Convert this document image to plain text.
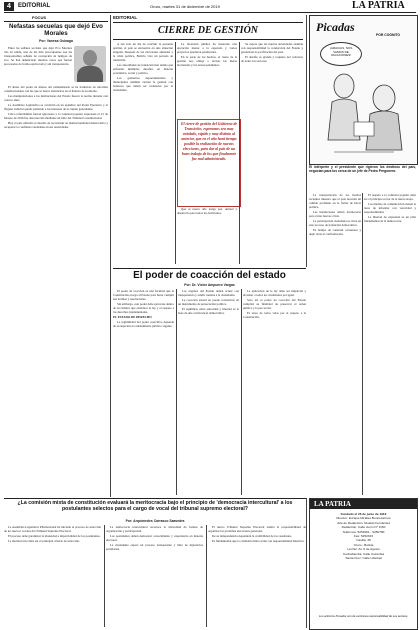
4	EDITORIAL	Oruro, martes 31 de diciembre de 2019	LA PATRIA
FOCUS
Nefastas secuelas que dejó Evo Morales
Por: Vanesa Osinaga

Entre las señales sociales que dejó Evo Morales tras su salida, una de las más preocupantes son las irresponsables señales de corrupción de tiempos de evo. Se han denunciado muchos casos que fueron procesados de forma equivocada y sin transparencia.

El abuso del poder en manos del exmandatario se ha traducido en reformas constitucionales con las que se buscó eternizarse en el Palacio de Gobierno.

Las manipulaciones a las instituciones del Estado fueron la norma durante casi catorce años.

La Asamblea Legislativa se convirtió en un apéndice del Poder Ejecutivo y el Órgano Judicial quedó sometido a los intereses de la cúpula gobernante.

Cinco referéndums fueron ignorados y la voluntad popular expresada el 21 de febrero de 2016 fue desconocida mediante un fallo del Tribunal Constitucional.

Hoy el país enfrenta el desafío de reconstruir su institucionalidad democrática y recuperar la confianza ciudadana en sus autoridades.

EDITORIAL
CIERRE DE GESTIÓN

A tan solo un día de concluir la presente gestión, el país se encuentra en una situación singular. Después de las elecciones anuladas y la crisis política, Bolivia vive un periodo de transición.

Las autoridades de transición han tenido que enfrentar múltiples desafíos en materia económica, social y política.

Los gobiernos departamentales y municipales también cierran la gestión con balances que deben ser evaluados por la ciudadanía.

La inversión pública ha mostrado una ejecución menor a la esperada y varios proyectos quedaron paralizados.

En la parte de los hechos, el cierre de la gestión nos obliga a revisar las metas alcanzadas y las tareas pendientes.

El cierre de gestión del Gobierno de Transición, esperamos sea muy rotulado, rápido y muy distinto al anterior, que en el año hará tiempo posible la realización de nuevas elecciones, para dar al país de un buen trabajo de los que finalmente fue mal administrado.

Que el nuevo año traiga paz, unidad y desarrollo para todos los bolivianos.

Se espera que las nuevas autoridades asuman con responsabilidad la conducción del Estado y garanticen la pacificación del país.

El desafío es grande y requiere del concurso de todos los sectores.

Picadas
POR COGNITO
¡GRACIAS, NOS VAMOS DE VACACIONES!
El intérprete y el presidente que rigieron los destinos del país, negocian para los cerca de un jefe de Pedro Pregonero.

La interpretación de los hechos recientes muestra que el país necesita un cambio profundo en la forma de hacer política.

Las instituciones deben fortalecerse para evitar nuevas crisis.

La participación ciudadana es clave en este proceso de transición democrática.

Es tiempo de construir consensos y dejar atrás la confrontación.

El respeto a la voluntad popular debe ser el principio rector de la nueva etapa.

Los medios de comunicación tienen la tarea de informar con veracidad y responsabilidad.

La libertad de expresión es un pilar fundamental de la democracia.

El poder de coacción del estado
Por: Dr. Víctor Ampuero Vargas

El poder de coacción es una facultad que la Constitución otorga al Estado para hacer cumplir sus normas y resoluciones.

Sin embargo, este poder debe ejercerse dentro de los límites que establece la ley y el respeto a los derechos fundamentales.

EL ESTADO DE DERECHO

La legitimidad del poder coercitivo depende de su sujeción al ordenamiento jurídico vigente.

Los órganos del Estado deben actuar con transparencia y rendir cuentas a la ciudadanía.

La coacción estatal no puede convertirse en un instrumento de persecución política.

El equilibrio entre autoridad y libertad es la base de una convivencia democrática.

La aplicación de la ley debe ser imparcial y alcanzar a todos los ciudadanos por igual.

Solo así el poder de coacción del Estado cumplirá su finalidad de preservar el orden público y la paz social.

Es tarea de todos velar por el respeto a la Constitución.

¿La comisión mixta de constitución evaluará la meritocracia bajo el principio de 'democracia intercultural' a los postulantes selectos para el cargo de vocal del tribunal supremo electoral?
Por: Arquímedes Carrasco Saavedra

La Asamblea Legislativa Plurinacional ha iniciado el proceso de selección de los nuevos vocales del Tribunal Supremo Electoral.

El proceso debe garantizar la idoneidad e imparcialidad de los postulantes.

La meritocracia debe ser el principal criterio de selección.

La democracia intercultural reconoce la diversidad de formas de organización y participación.

Los postulantes deben demostrar conocimiento y experiencia en materia electoral.

La ciudadanía espera un proceso transparente y libre de injerencias partidarias.

El nuevo Tribunal Supremo Electoral tendrá la responsabilidad de organizar las próximas elecciones generales.

De su independencia dependerá la credibilidad de los resultados.

Es fundamental que la comisión mixta actúe con responsabilidad histórica.

LA PATRIA
Fundado el 26 de junio de 1919
Director: Enrique Miralles Bonnecarrere
Jefe de Redacción: Nivaldo Fernández
Redacción: Calle Junín N° 1150
Teléfonos: 5254061 - 5250780
Fax: 5252333
Casilla: 48
Oruro - Bolivia
La Paz: Av. 6 de Agosto
Cochabamba: Calle Colombia
Santa Cruz: Calle Libertad
Los artículos firmados son de exclusiva responsabilidad de sus autores.
